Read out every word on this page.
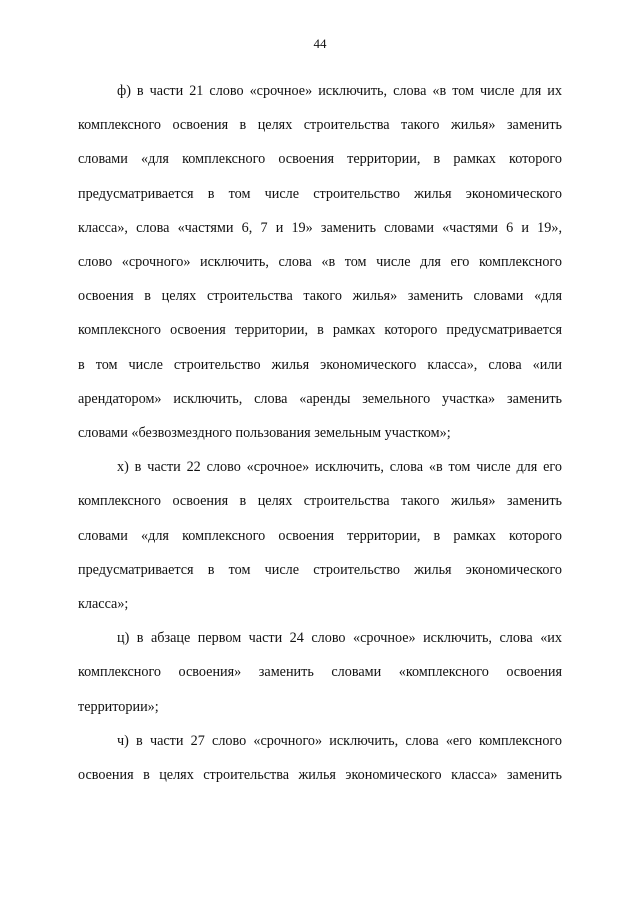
44
ф) в части 21 слово «срочное» исключить, слова «в том числе для их
комплексного освоения в целях строительства такого жилья» заменить
словами «для комплексного освоения территории, в рамках которого
предусматривается в том числе строительство жилья экономического
класса», слова «частями 6, 7 и 19» заменить словами «частями 6 и 19»,
слово «срочного» исключить, слова «в том числе для его комплексного
освоения в целях строительства такого жилья» заменить словами «для
комплексного освоения территории, в рамках которого предусматривается
в том числе строительство жилья экономического класса», слова «или
арендатором» исключить, слова «аренды земельного участка» заменить
словами «безвозмездного пользования земельным участком»;
х) в части 22 слово «срочное» исключить, слова «в том числе для его
комплексного освоения в целях строительства такого жилья» заменить
словами «для комплексного освоения территории, в рамках которого
предусматривается в том числе строительство жилья экономического
класса»;
ц) в абзаце первом части 24 слово «срочное» исключить, слова «их
комплексного освоения» заменить словами «комплексного освоения
территории»;
ч) в части 27 слово «срочного» исключить, слова «его комплексного
освоения в целях строительства жилья экономического класса» заменить
